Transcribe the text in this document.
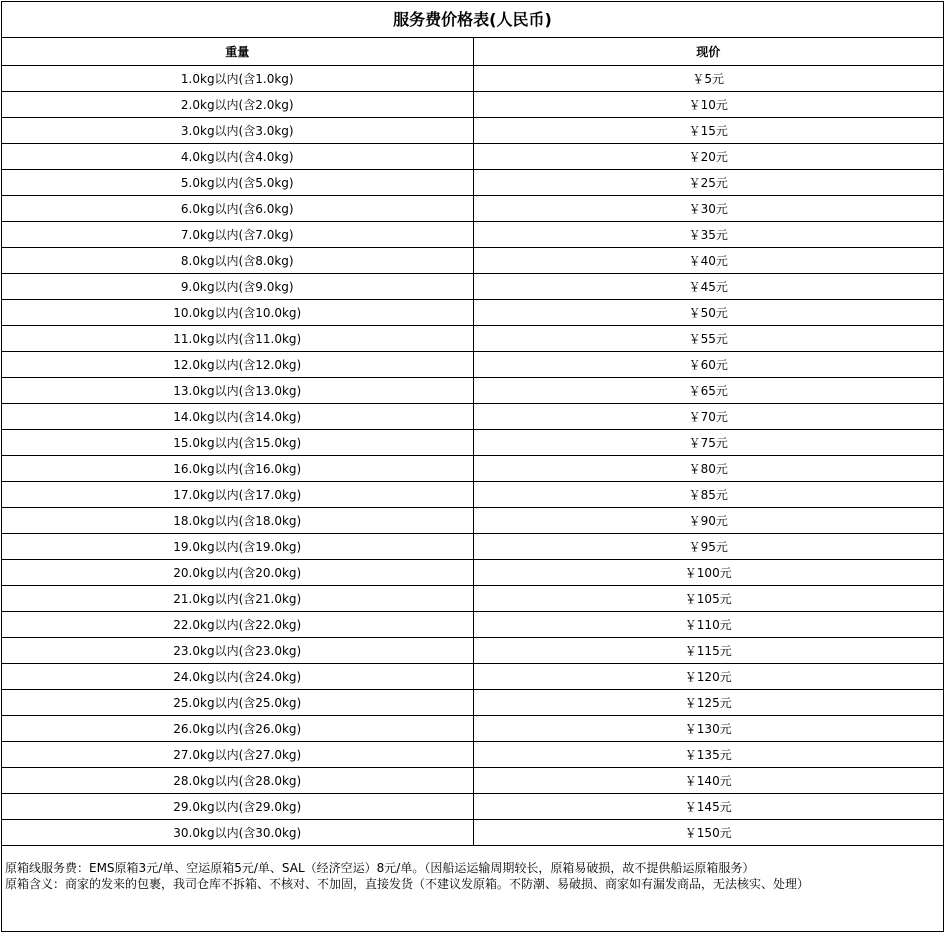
服务费价格表(人民币)
重量	现价
1.0kg以内(含1.0kg)	￥5元
2.0kg以内(含2.0kg)	￥10元
3.0kg以内(含3.0kg)	￥15元
4.0kg以内(含4.0kg)	￥20元
5.0kg以内(含5.0kg)	￥25元
6.0kg以内(含6.0kg)	￥30元
7.0kg以内(含7.0kg)	￥35元
8.0kg以内(含8.0kg)	￥40元
9.0kg以内(含9.0kg)	￥45元
10.0kg以内(含10.0kg)	￥50元
11.0kg以内(含11.0kg)	￥55元
12.0kg以内(含12.0kg)	￥60元
13.0kg以内(含13.0kg)	￥65元
14.0kg以内(含14.0kg)	￥70元
15.0kg以内(含15.0kg)	￥75元
16.0kg以内(含16.0kg)	￥80元
17.0kg以内(含17.0kg)	￥85元
18.0kg以内(含18.0kg)	￥90元
19.0kg以内(含19.0kg)	￥95元
20.0kg以内(含20.0kg)	￥100元
21.0kg以内(含21.0kg)	￥105元
22.0kg以内(含22.0kg)	￥110元
23.0kg以内(含23.0kg)	￥115元
24.0kg以内(含24.0kg)	￥120元
25.0kg以内(含25.0kg)	￥125元
26.0kg以内(含26.0kg)	￥130元
27.0kg以内(含27.0kg)	￥135元
28.0kg以内(含28.0kg)	￥140元
29.0kg以内(含29.0kg)	￥145元
30.0kg以内(含30.0kg)	￥150元
原箱线服务费：EMS原箱3元/单、空运原箱5元/单、SAL（经济空运）8元/单。（因船运运输周期较长，原箱易破损，故不提供船运原箱服务）
原箱含义：商家的发来的包裹，我司仓库不拆箱、不核对、不加固，直接发货（不建议发原箱。不防潮、易破损、商家如有漏发商品，无法核实、处理）
